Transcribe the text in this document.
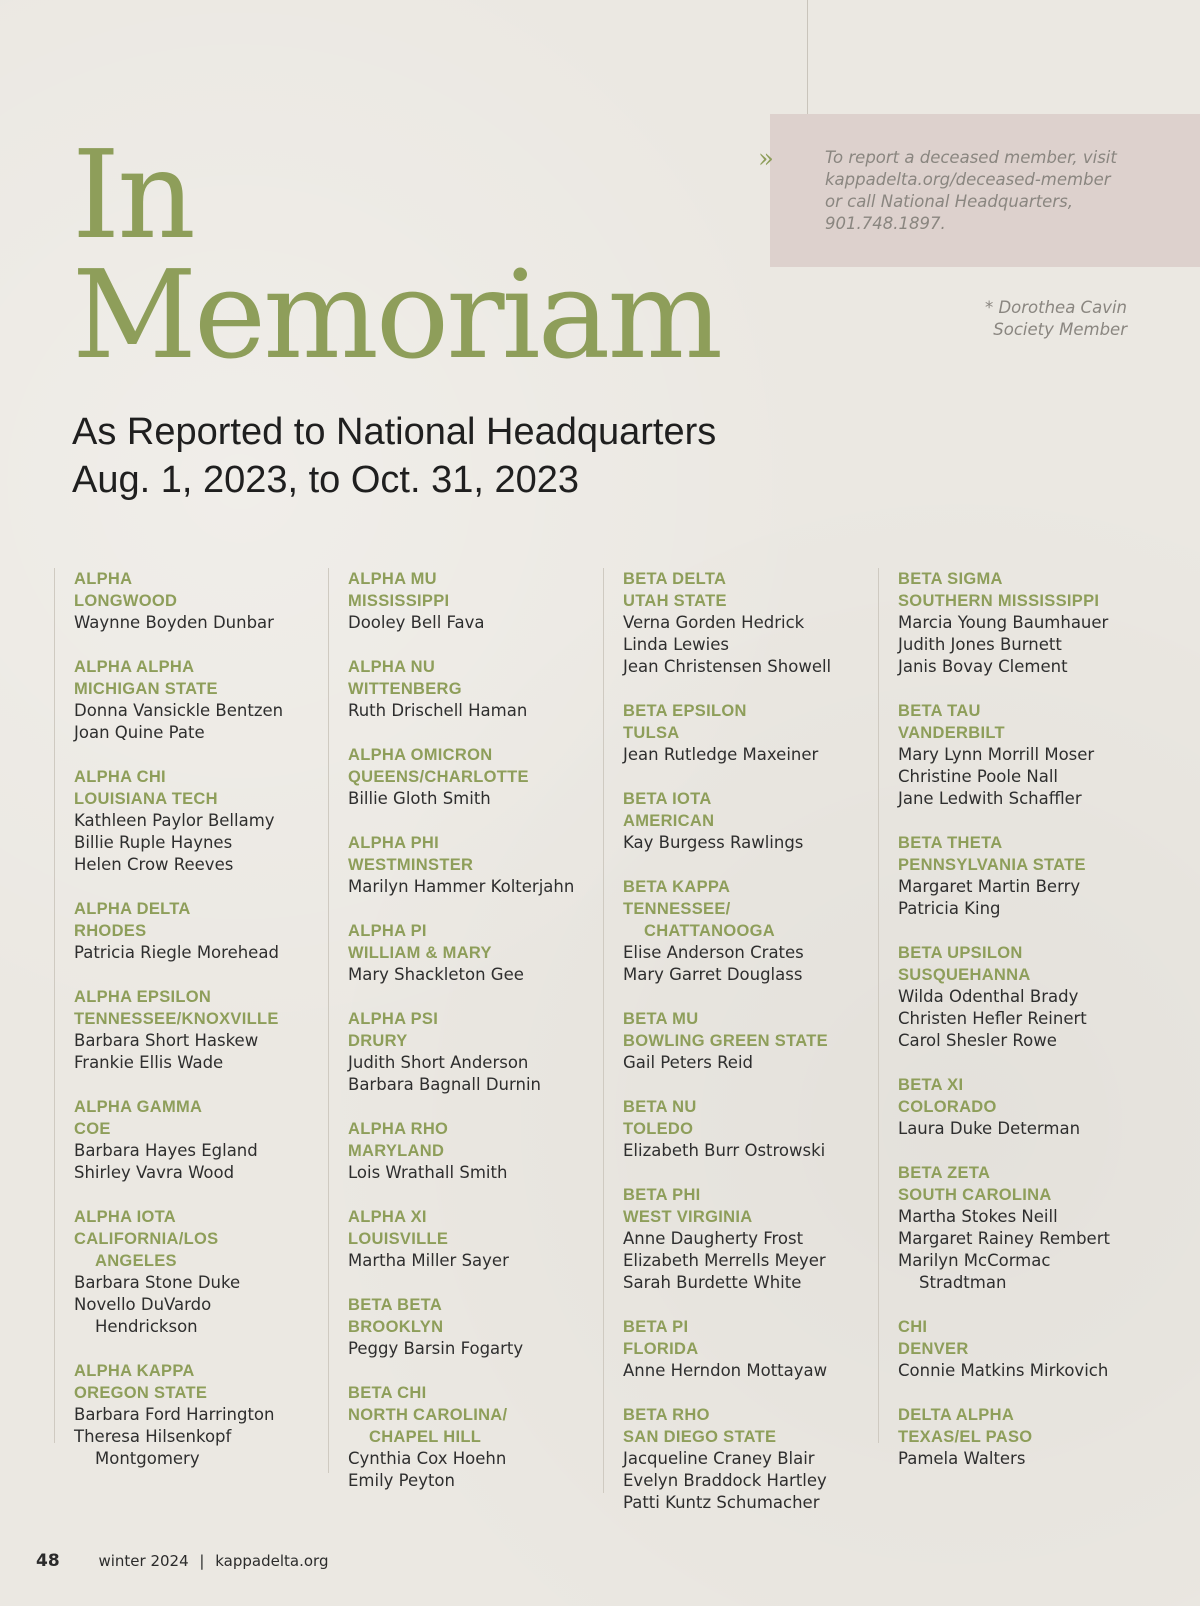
»	To report a deceased member, visit
kappadelta.org/deceased-member
or call National Headquarters,
901.748.1897.
* Dorothea Cavin
Society Member
In
Memoriam
As Reported to National Headquarters
Aug. 1, 2023, to Oct. 31, 2023
ALPHA
LONGWOOD
Waynne Boyden Dunbar
ALPHA ALPHA
MICHIGAN STATE
Donna Vansickle Bentzen
Joan Quine Pate
ALPHA CHI
LOUISIANA TECH
Kathleen Paylor Bellamy
Billie Ruple Haynes
Helen Crow Reeves
ALPHA DELTA
RHODES
Patricia Riegle Morehead
ALPHA EPSILON
TENNESSEE/KNOXVILLE
Barbara Short Haskew
Frankie Ellis Wade
ALPHA GAMMA
COE
Barbara Hayes Egland
Shirley Vavra Wood
ALPHA IOTA
CALIFORNIA/LOS
ANGELES
Barbara Stone Duke
Novello DuVardo
Hendrickson
ALPHA KAPPA
OREGON STATE
Barbara Ford Harrington
Theresa Hilsenkopf
Montgomery
ALPHA MU
MISSISSIPPI
Dooley Bell Fava
ALPHA NU
WITTENBERG
Ruth Drischell Haman
ALPHA OMICRON
QUEENS/CHARLOTTE
Billie Gloth Smith
ALPHA PHI
WESTMINSTER
Marilyn Hammer Kolterjahn
ALPHA PI
WILLIAM & MARY
Mary Shackleton Gee
ALPHA PSI
DRURY
Judith Short Anderson
Barbara Bagnall Durnin
ALPHA RHO
MARYLAND
Lois Wrathall Smith
ALPHA XI
LOUISVILLE
Martha Miller Sayer
BETA BETA
BROOKLYN
Peggy Barsin Fogarty
BETA CHI
NORTH CAROLINA/
CHAPEL HILL
Cynthia Cox Hoehn
Emily Peyton
BETA DELTA
UTAH STATE
Verna Gorden Hedrick
Linda Lewies
Jean Christensen Showell
BETA EPSILON
TULSA
Jean Rutledge Maxeiner
BETA IOTA
AMERICAN
Kay Burgess Rawlings
BETA KAPPA
TENNESSEE/
CHATTANOOGA
Elise Anderson Crates
Mary Garret Douglass
BETA MU
BOWLING GREEN STATE
Gail Peters Reid
BETA NU
TOLEDO
Elizabeth Burr Ostrowski
BETA PHI
WEST VIRGINIA
Anne Daugherty Frost
Elizabeth Merrells Meyer
Sarah Burdette White
BETA PI
FLORIDA
Anne Herndon Mottayaw
BETA RHO
SAN DIEGO STATE
Jacqueline Craney Blair
Evelyn Braddock Hartley
Patti Kuntz Schumacher
BETA SIGMA
SOUTHERN MISSISSIPPI
Marcia Young Baumhauer
Judith Jones Burnett
Janis Bovay Clement
BETA TAU
VANDERBILT
Mary Lynn Morrill Moser
Christine Poole Nall
Jane Ledwith Schaffler
BETA THETA
PENNSYLVANIA STATE
Margaret Martin Berry
Patricia King
BETA UPSILON
SUSQUEHANNA
Wilda Odenthal Brady
Christen Hefler Reinert
Carol Shesler Rowe
BETA XI
COLORADO
Laura Duke Determan
BETA ZETA
SOUTH CAROLINA
Martha Stokes Neill
Margaret Rainey Rembert
Marilyn McCormac
Stradtman
CHI
DENVER
Connie Matkins Mirkovich
DELTA ALPHA
TEXAS/EL PASO
Pamela Walters
48	winter 2024 | kappadelta.org
